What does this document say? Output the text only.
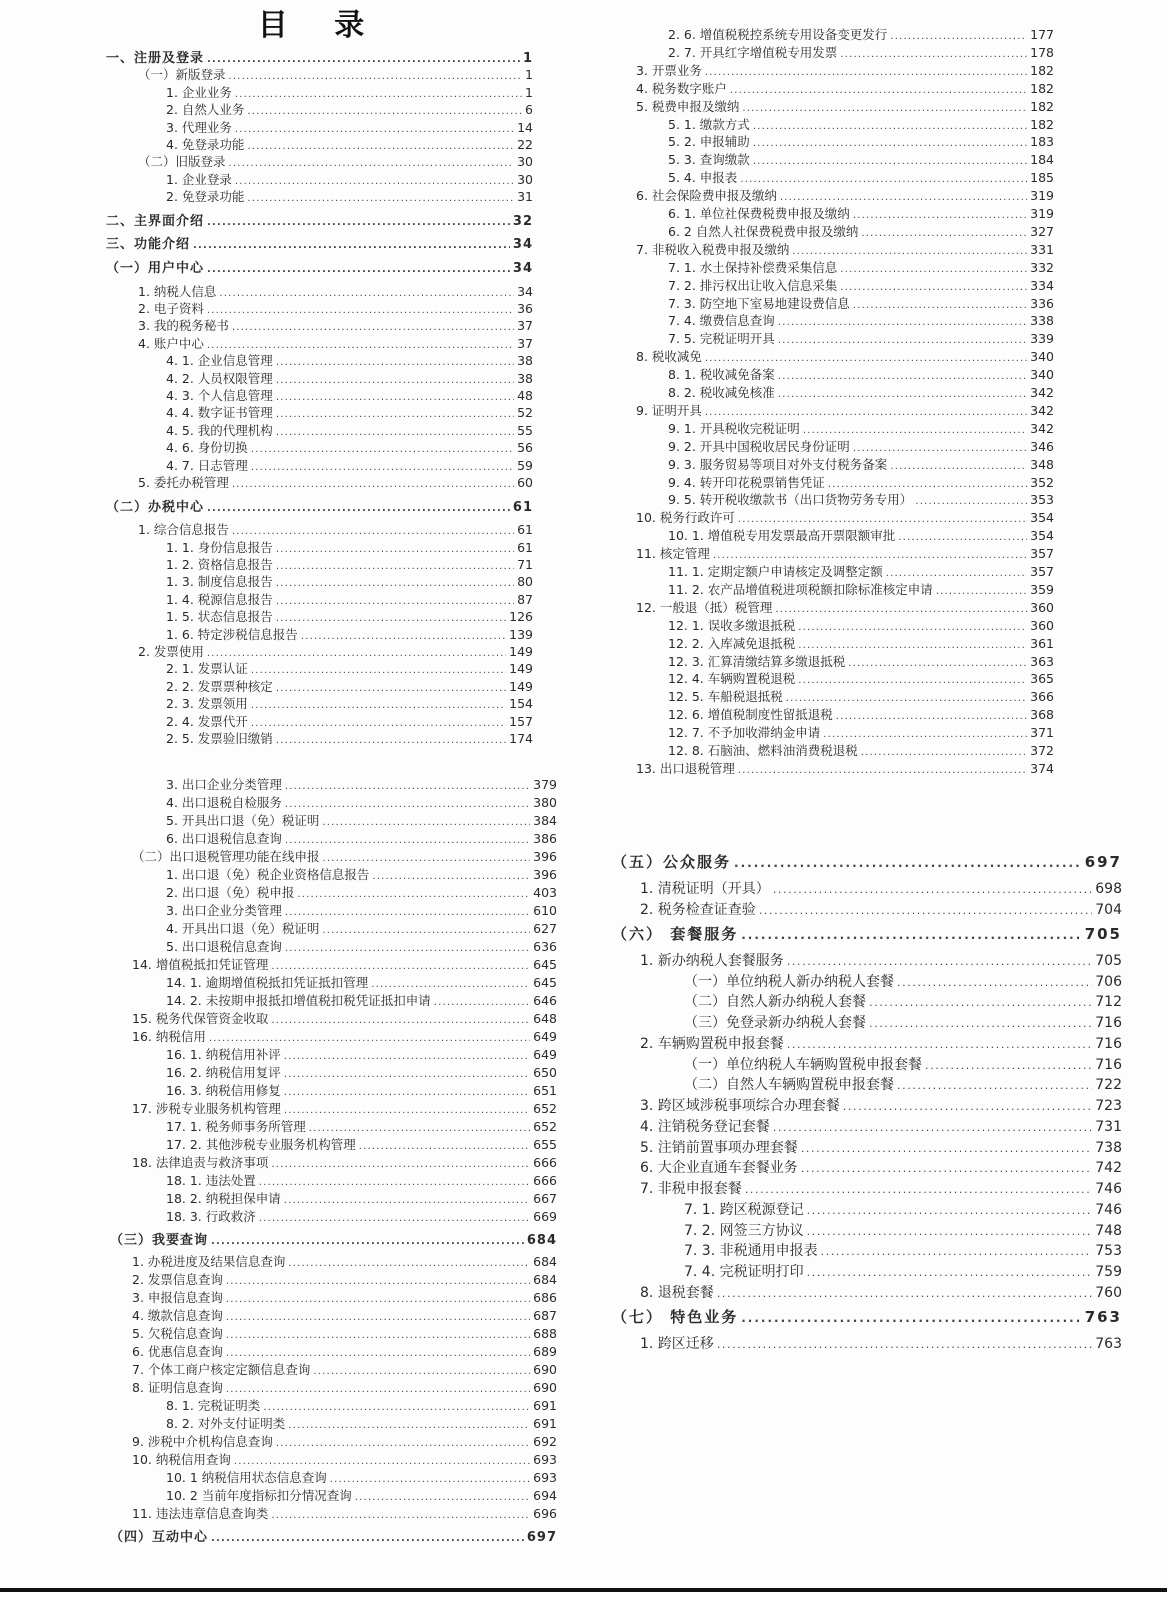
目 录
一、注册及登录 .....	1
（一）新版登录 .....	1
1. 企业业务 .....	1
2. 自然人业务 .....	6
3. 代理业务 .....	14
4. 免登录功能 .....	22
（二）旧版登录 .....	30
1. 企业登录 .....	30
2. 免登录功能 .....	31
二、主界面介绍 .....	32
三、功能介绍 .....	34
（一）用户中心 .....	34
1. 纳税人信息 .....	34
2. 电子资料 .....	36
3. 我的税务秘书 .....	37
4. 账户中心 .....	37
4. 1. 企业信息管理 .....	38
4. 2. 人员权限管理 .....	38
4. 3. 个人信息管理 .....	48
4. 4. 数字证书管理 .....	52
4. 5. 我的代理机构 .....	55
4. 6. 身份切换 .....	56
4. 7. 日志管理 .....	59
5. 委托办税管理 .....	60
（二）办税中心 .....	61
1. 综合信息报告 .....	61
1. 1. 身份信息报告 .....	61
1. 2. 资格信息报告 .....	71
1. 3. 制度信息报告 .....	80
1. 4. 税源信息报告 .....	87
1. 5. 状态信息报告 .....	126
1. 6. 特定涉税信息报告 .....	139
2. 发票使用 .....	149
2. 1. 发票认证 .....	149
2. 2. 发票票种核定 .....	149
2. 3. 发票领用 .....	154
2. 4. 发票代开 .....	157
2. 5. 发票验旧缴销 .....	174
3. 出口企业分类管理 .....	379
4. 出口退税自检服务 .....	380
5. 开具出口退（免）税证明 .....	384
6. 出口退税信息查询 .....	386
（二）出口退税管理功能在线申报 .....	396
1. 出口退（免）税企业资格信息报告 .....	396
2. 出口退（免）税申报 .....	403
3. 出口企业分类管理 .....	610
4. 开具出口退（免）税证明 .....	627
5. 出口退税信息查询 .....	636
14. 增值税抵扣凭证管理 .....	645
14. 1. 逾期增值税抵扣凭证抵扣管理 .....	645
14. 2. 未按期申报抵扣增值税扣税凭证抵扣申请 .....	646
15. 税务代保管资金收取 .....	648
16. 纳税信用 .....	649
16. 1. 纳税信用补评 .....	649
16. 2. 纳税信用复评 .....	650
16. 3. 纳税信用修复 .....	651
17. 涉税专业服务机构管理 .....	652
17. 1. 税务师事务所管理 .....	652
17. 2. 其他涉税专业服务机构管理 .....	655
18. 法律追责与救济事项 .....	666
18. 1. 违法处置 .....	666
18. 2. 纳税担保申请 .....	667
18. 3. 行政救济 .....	669
（三）我要查询 .....	684
1. 办税进度及结果信息查询 .....	684
2. 发票信息查询 .....	684
3. 申报信息查询 .....	686
4. 缴款信息查询 .....	687
5. 欠税信息查询 .....	688
6. 优惠信息查询 .....	689
7. 个体工商户核定定额信息查询 .....	690
8. 证明信息查询 .....	690
8. 1. 完税证明类 .....	691
8. 2. 对外支付证明类 .....	691
9. 涉税中介机构信息查询 .....	692
10. 纳税信用查询 .....	693
10. 1 纳税信用状态信息查询 .....	693
10. 2 当前年度指标扣分情况查询 .....	694
11. 违法违章信息查询类 .....	696
（四）互动中心 .....	697
2. 6. 增值税税控系统专用设备变更发行 .....	177
2. 7. 开具红字增值税专用发票 .....	178
3. 开票业务 .....	182
4. 税务数字账户 .....	182
5. 税费申报及缴纳 .....	182
5. 1. 缴款方式 .....	182
5. 2. 申报辅助 .....	183
5. 3. 查询缴款 .....	184
5. 4. 申报表 .....	185
6. 社会保险费申报及缴纳 .....	319
6. 1. 单位社保费税费申报及缴纳 .....	319
6. 2 自然人社保费税费申报及缴纳 .....	327
7. 非税收入税费申报及缴纳 .....	331
7. 1. 水土保持补偿费采集信息 .....	332
7. 2. 排污权出让收入信息采集 .....	334
7. 3. 防空地下室易地建设费信息 .....	336
7. 4. 缴费信息查询 .....	338
7. 5. 完税证明开具 .....	339
8. 税收减免 .....	340
8. 1. 税收减免备案 .....	340
8. 2. 税收减免核准 .....	342
9. 证明开具 .....	342
9. 1. 开具税收完税证明 .....	342
9. 2. 开具中国税收居民身份证明 .....	346
9. 3. 服务贸易等项目对外支付税务备案 .....	348
9. 4. 转开印花税票销售凭证 .....	352
9. 5. 转开税收缴款书（出口货物劳务专用） .....	353
10. 税务行政许可 .....	354
10. 1. 增值税专用发票最高开票限额审批 .....	354
11. 核定管理 .....	357
11. 1. 定期定额户申请核定及调整定额 .....	357
11. 2. 农产品增值税进项税额扣除标准核定申请 .....	359
12. 一般退（抵）税管理 .....	360
12. 1. 误收多缴退抵税 .....	360
12. 2. 入库减免退抵税 .....	361
12. 3. 汇算清缴结算多缴退抵税 .....	363
12. 4. 车辆购置税退税 .....	365
12. 5. 车船税退抵税 .....	366
12. 6. 增值税制度性留抵退税 .....	368
12. 7. 不予加收滞纳金申请 .....	371
12. 8. 石脑油、燃料油消费税退税 .....	372
13. 出口退税管理 .....	374
（五）公众服务 .....	697
1. 清税证明（开具） .....	698
2. 税务检查证查验 .....	704
（六） 套餐服务 .....	705
1. 新办纳税人套餐服务 .....	705
（一）单位纳税人新办纳税人套餐 .....	706
（二）自然人新办纳税人套餐 .....	712
（三）免登录新办纳税人套餐 .....	716
2. 车辆购置税申报套餐 .....	716
（一）单位纳税人车辆购置税申报套餐 .....	716
（二）自然人车辆购置税申报套餐 .....	722
3. 跨区域涉税事项综合办理套餐 .....	723
4. 注销税务登记套餐 .....	731
5. 注销前置事项办理套餐 .....	738
6. 大企业直通车套餐业务 .....	742
7. 非税申报套餐 .....	746
7. 1. 跨区税源登记 .....	746
7. 2. 网签三方协议 .....	748
7. 3. 非税通用申报表 .....	753
7. 4. 完税证明打印 .....	759
8. 退税套餐 .....	760
（七） 特色业务 .....	763
1. 跨区迁移 .....	763
